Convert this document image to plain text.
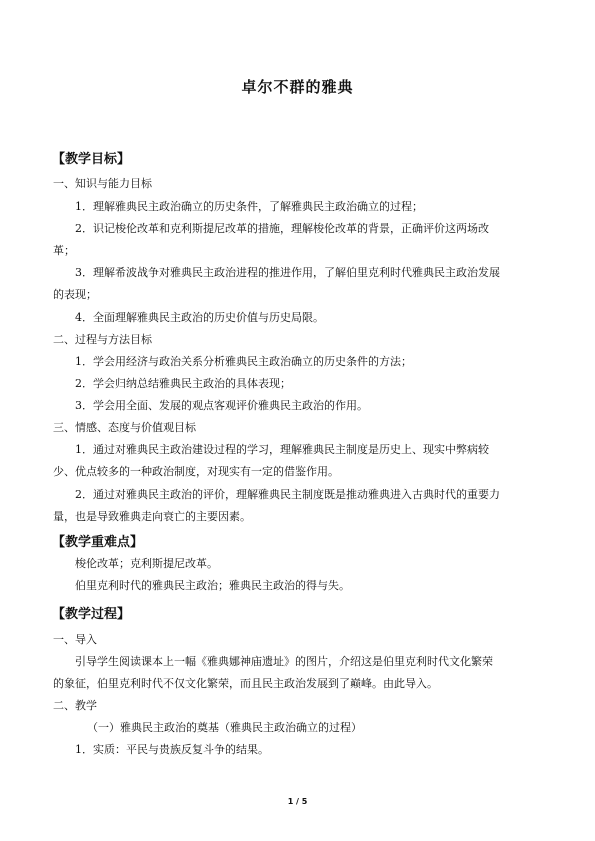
卓尔不群的雅典
【教学目标】
一、知识与能力目标
1．理解雅典民主政治确立的历史条件，了解雅典民主政治确立的过程；
2．识记梭伦改革和克利斯提尼改革的措施，理解梭伦改革的背景，正确评价这两场改
革；
3．理解希波战争对雅典民主政治进程的推进作用，了解伯里克利时代雅典民主政治发展
的表现；
4．全面理解雅典民主政治的历史价值与历史局限。
二、过程与方法目标
1．学会用经济与政治关系分析雅典民主政治确立的历史条件的方法；
2．学会归纳总结雅典民主政治的具体表现；
3．学会用全面、发展的观点客观评价雅典民主政治的作用。
三、情感、态度与价值观目标
1．通过对雅典民主政治建设过程的学习，理解雅典民主制度是历史上、现实中弊病较
少、优点较多的一种政治制度，对现实有一定的借鉴作用。
2．通过对雅典民主政治的评价，理解雅典民主制度既是推动雅典进入古典时代的重要力
量，也是导致雅典走向衰亡的主要因素。
【教学重难点】
梭伦改革；克利斯提尼改革。
伯里克利时代的雅典民主政治；雅典民主政治的得与失。
【教学过程】
一、导入
引导学生阅读课本上一幅《雅典娜神庙遗址》的图片，介绍这是伯里克利时代文化繁荣
的象征，伯里克利时代不仅文化繁荣，而且民主政治发展到了巅峰。由此导入。
二、教学
（一）雅典民主政治的奠基（雅典民主政治确立的过程）
1．实质：平民与贵族反复斗争的结果。
1 / 5
